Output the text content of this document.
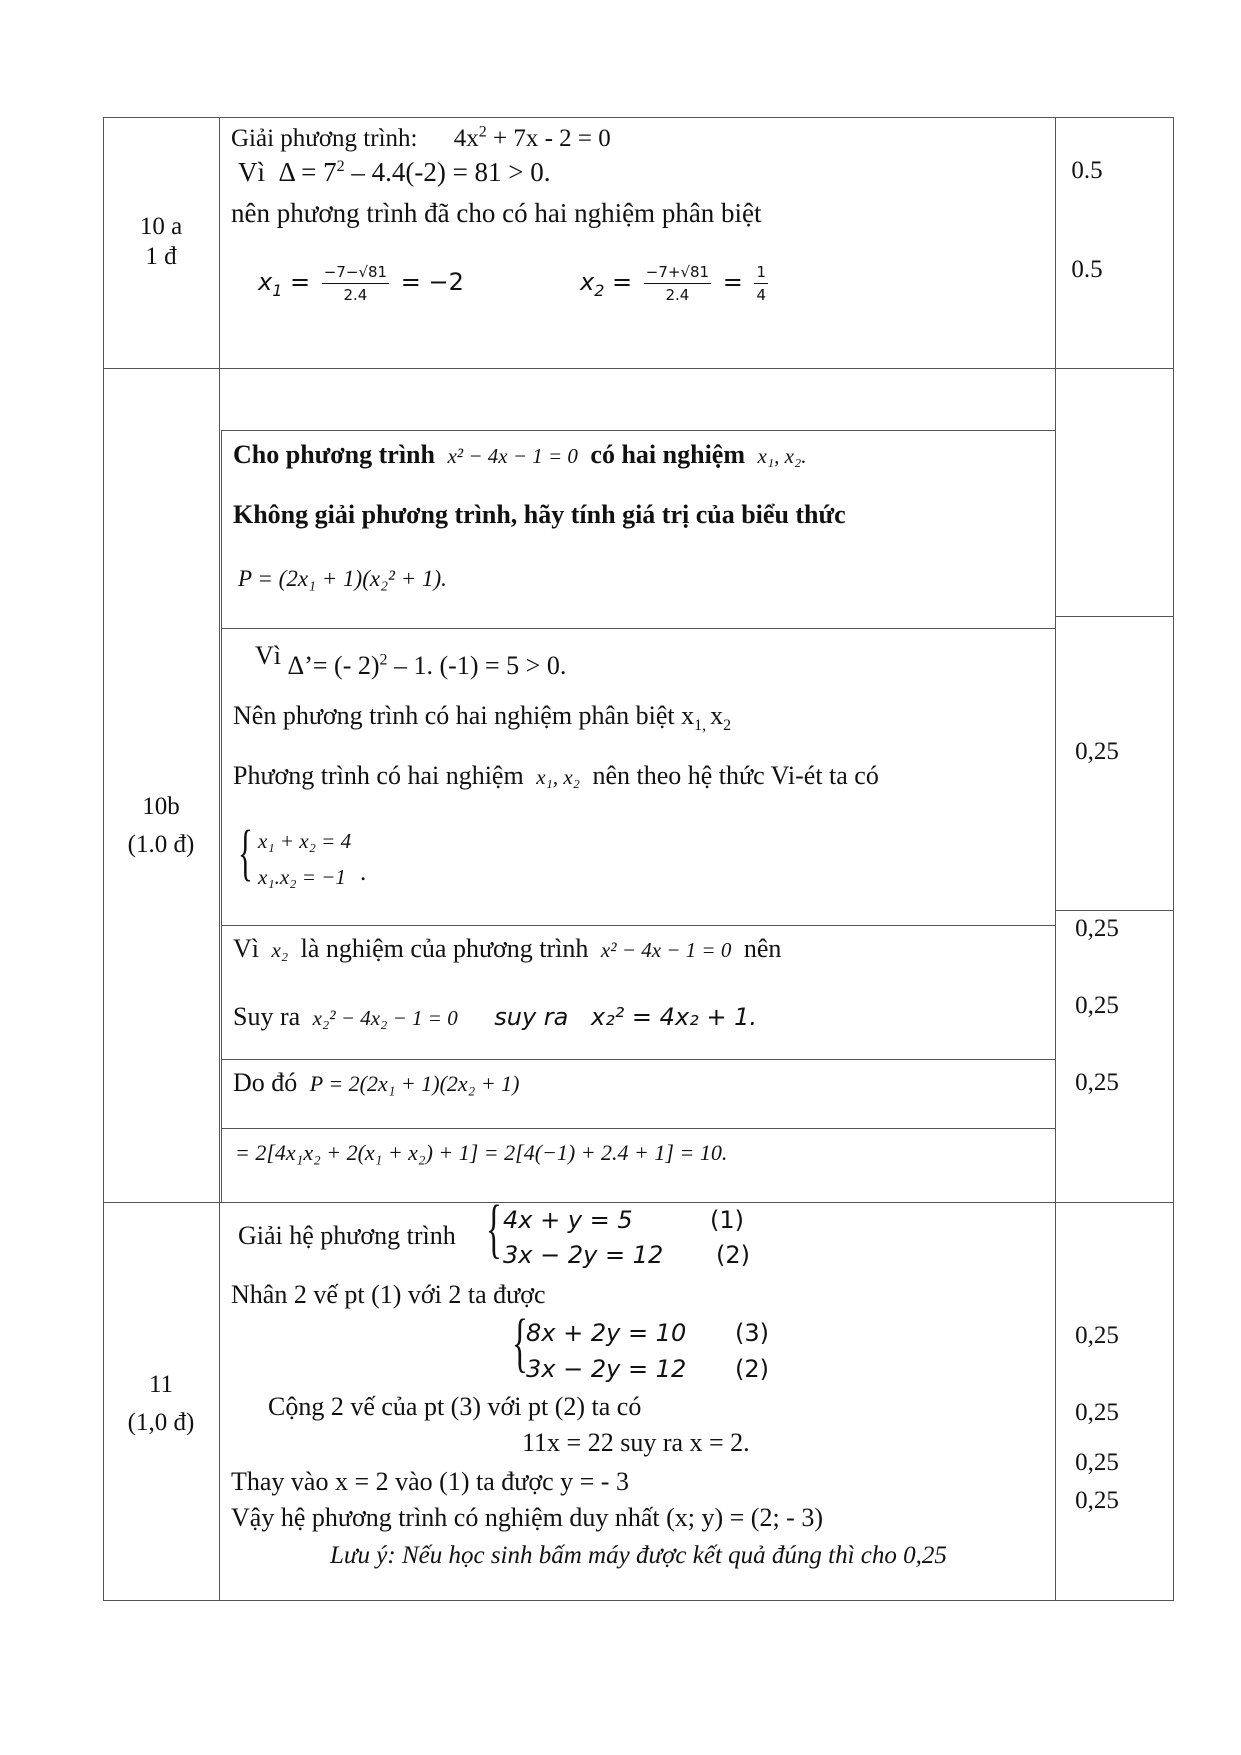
10 a
1 đ
Giải phương trình: $4x^2 + 7x - 2 = 0$
Vì $\Delta = 7^2 - 4.4(-2) = 81 > 0$.
nên phương trình đã cho có hai nghiệm phân biệt
$x_1 = \frac{-7-√81}{2.4} = -2$	$x_2 = \frac{-7+√81}{2.4} = \frac{1}{4}$
0.5
0.5
10b
(1.0 đ)
Cho phương trình x² − 4x − 1 = 0 có hai nghiệm x₁, x₂.
Không giải phương trình, hãy tính giá trị của biểu thức
P = (2x₁ + 1)(x₂² + 1).
Vì Δ’= (- 2)$^2$ – 1. (-1) = 5 > 0.
Nên phương trình có hai nghiệm phân biệt $x_{1,}$ $x_2$
Phương trình có hai nghiệm x₁, x₂ nên theo hệ thức Vi-ét ta có
{ x₁ + x₂ = 4
x₁.x₂ = −1 .
Vì x₂ là nghiệm của phương trình x² − 4x − 1 = 0 nên
Suy ra x₂² − 4x₂ − 1 = 0 suy ra x₂² = 4x₂ + 1.
Do đó P = 2(2x₁ + 1)(2x₂ + 1)
= 2[4x₁x₂ + 2(x₁ + x₂) + 1] = 2[4(−1) + 2.4 + 1] = 10.
0,25
0,25
0,25
0,25
11
(1,0 đ)
Giải hệ phương trình { 4x + y = 5	(1)
3x − 2y = 12 (2)
Nhân 2 vế pt (1) với 2 ta được
{
8x + 2y = 10 (3)
3x − 2y = 12 (2)
Cộng 2 vế của pt (3) với pt (2) ta có
11x = 22 suy ra x = 2.
Thay vào x = 2 vào (1) ta được y = - 3
Vậy hệ phương trình có nghiệm duy nhất (x; y) = (2; - 3)
Lưu ý: Nếu học sinh bấm máy được kết quả đúng thì cho 0,25
0,25
0,25
0,25
0,25
